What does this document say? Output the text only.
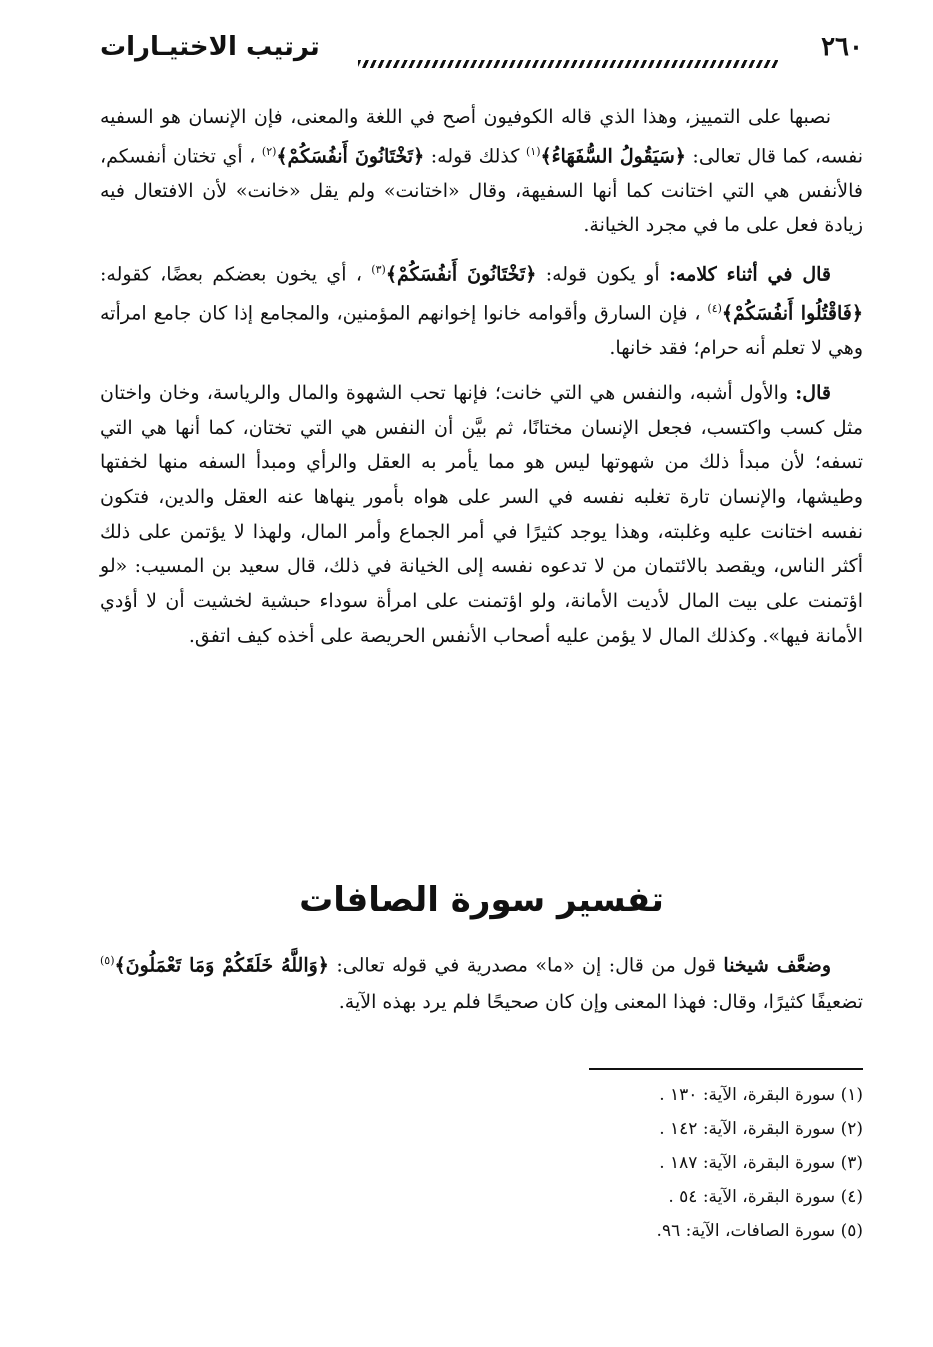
٢٦٠
ترتيب الاختيـارات

نصبها على التمييز، وهذا الذي قاله الكوفيون أصح في اللغة والمعنى، فإن الإنسان هو السفيه نفسه، كما قال تعالى: ﴿سَيَقُولُ السُّفَهَاءُ﴾$^{(١)}$ كذلك قوله: ﴿تَخْتَانُونَ أَنفُسَكُمْ﴾$^{(٢)}$ ، أي تختان أنفسكم، فالأنفس هي التي اختانت كما أنها السفيهة، وقال «اختانت» ولم يقل «خانت» لأن الافتعال فيه زيادة فعل على ما في مجرد الخيانة.

قال في أثناء كلامه: أو يكون قوله: ﴿تَخْتَانُونَ أَنفُسَكُمْ﴾$^{(٣)}$ ، أي يخون بعضكم بعضًا، كقوله: ﴿فَاقْتُلُوا أَنفُسَكُمْ﴾$^{(٤)}$ ، فإن السارق وأقوامه خانوا إخوانهم المؤمنين، والمجامع إذا كان جامع امرأته وهي لا تعلم أنه حرام؛ فقد خانها.

قال: والأول أشبه، والنفس هي التي خانت؛ فإنها تحب الشهوة والمال والرياسة، وخان واختان مثل كسب واكتسب، فجعل الإنسان مختانًا، ثم بيَّن أن النفس هي التي تختان، كما أنها هي التي تسفه؛ لأن مبدأ ذلك من شهوتها ليس هو مما يأمر به العقل والرأي ومبدأ السفه منها لخفتها وطيشها، والإنسان تارة تغلبه نفسه في السر على هواه بأمور ينهاها عنه العقل والدين، فتكون نفسه اختانت عليه وغلبته، وهذا يوجد كثيرًا في أمر الجماع وأمر المال، ولهذا لا يؤتمن على ذلك أكثر الناس، ويقصد بالائتمان من لا تدعوه نفسه إلى الخيانة في ذلك، قال سعيد بن المسيب: «لو اؤتمنت على بيت المال لأديت الأمانة، ولو اؤتمنت على امرأة سوداء حبشية لخشيت أن لا أؤدي الأمانة فيها». وكذلك المال لا يؤمن عليه أصحاب الأنفس الحريصة على أخذه كيف اتفق.

تفسير سورة الصافات

وضعَّف شيخنا قول من قال: إن «ما» مصدرية في قوله تعالى: ﴿وَاللَّهُ خَلَقَكُمْ وَمَا تَعْمَلُونَ﴾$^{(٥)}$ تضعيفًا كثيرًا، وقال: فهذا المعنى وإن كان صحيحًا فلم يرد بهذه الآية.

(١) سورة البقرة، الآية: ١٣٠ .
(٢) سورة البقرة، الآية: ١٤٢ .
(٣) سورة البقرة، الآية: ١٨٧ .
(٤) سورة البقرة، الآية: ٥٤ .
(٥) سورة الصافات، الآية: ٩٦.
